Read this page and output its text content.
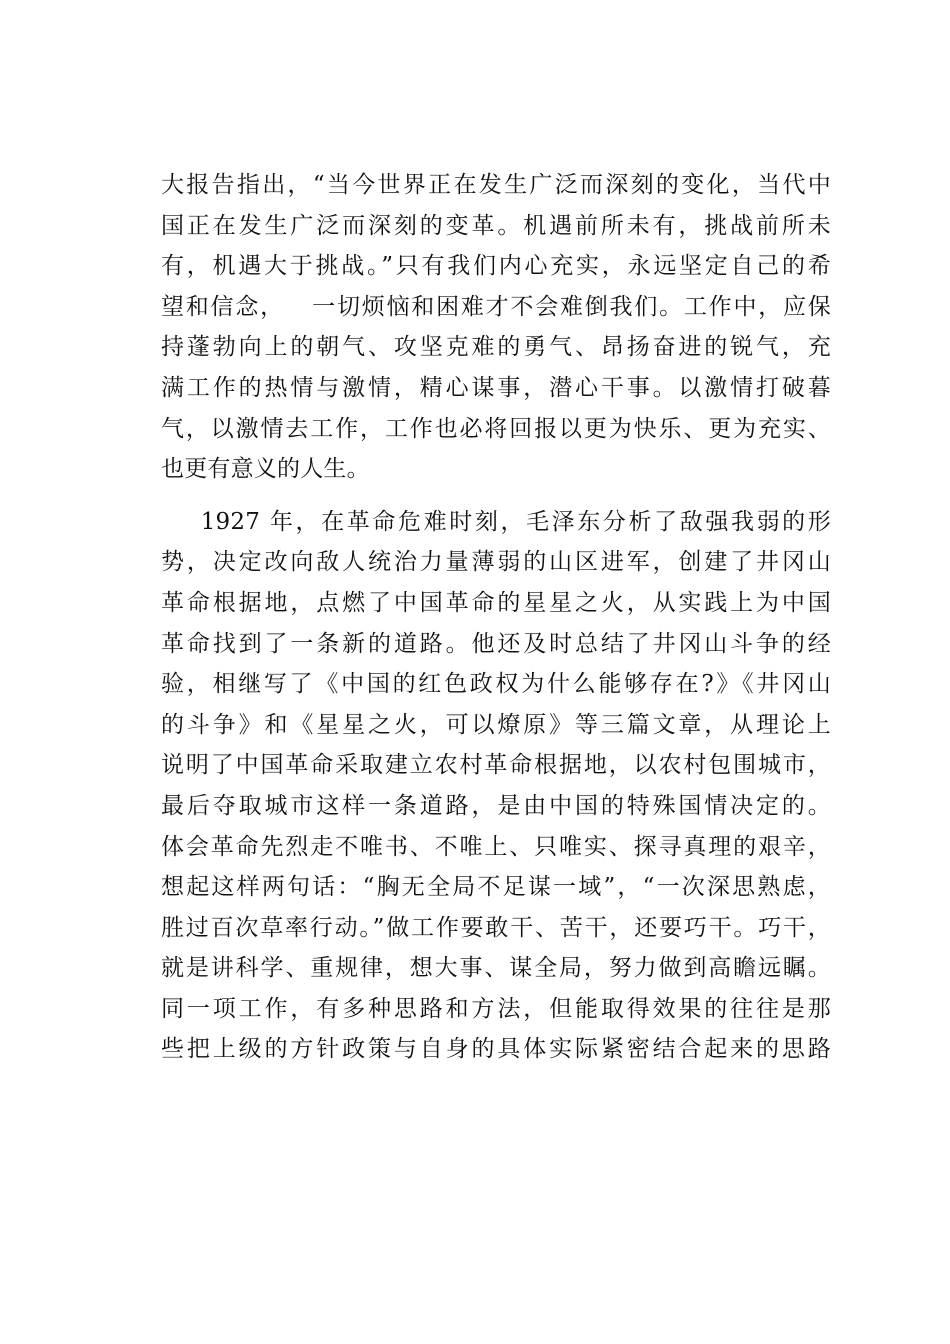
大报告指出，“当今世界正在发生广泛而深刻的变化，当代中
国正在发生广泛而深刻的变革。机遇前所未有，挑战前所未
有，机遇大于挑战。”只有我们内心充实，永远坚定自己的希
望和信念，   一切烦恼和困难才不会难倒我们。工作中，应保
持蓬勃向上的朝气、攻坚克难的勇气、昂扬奋进的锐气，充
满工作的热情与激情，精心谋事，潜心干事。以激情打破暮
气，以激情去工作，工作也必将回报以更为快乐、更为充实、
也更有意义的人生。
1927 年，在革命危难时刻，毛泽东分析了敌强我弱的形
势，决定改向敌人统治力量薄弱的山区进军，创建了井冈山
革命根据地，点燃了中国革命的星星之火，从实践上为中国
革命找到了一条新的道路。他还及时总结了井冈山斗争的经
验，相继写了《中国的红色政权为什么能够存在?》《井冈山
的斗争》和《星星之火，可以燎原》等三篇文章，从理论上
说明了中国革命采取建立农村革命根据地，以农村包围城市，
最后夺取城市这样一条道路，是由中国的特殊国情决定的。
体会革命先烈走不唯书、不唯上、只唯实、探寻真理的艰辛，
想起这样两句话：“胸无全局不足谋一域”，“一次深思熟虑，
胜过百次草率行动。”做工作要敢干、苦干，还要巧干。巧干，
就是讲科学、重规律，想大事、谋全局，努力做到高瞻远瞩。
同一项工作，有多种思路和方法，但能取得效果的往往是那
些把上级的方针政策与自身的具体实际紧密结合起来的思路
